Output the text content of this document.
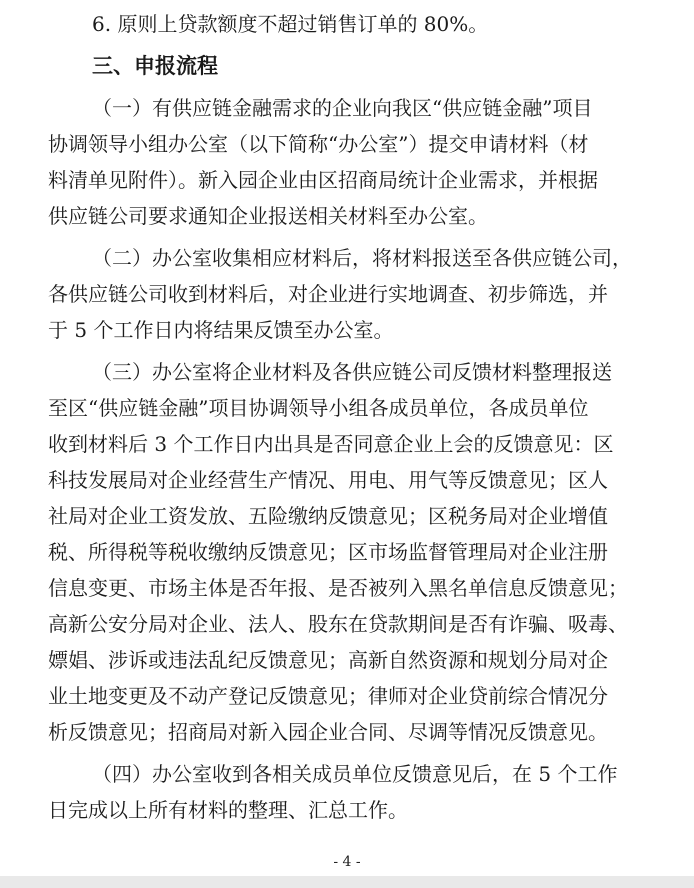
6. 原则上贷款额度不超过销售订单的 80%。
三、申报流程
（一）有供应链金融需求的企业向我区“供应链金融”项目
协调领导小组办公室（以下简称“办公室”）提交申请材料（材
料清单见附件）。新入园企业由区招商局统计企业需求，并根据
供应链公司要求通知企业报送相关材料至办公室。
（二）办公室收集相应材料后，将材料报送至各供应链公司，
各供应链公司收到材料后，对企业进行实地调查、初步筛选，并
于 5 个工作日内将结果反馈至办公室。
（三）办公室将企业材料及各供应链公司反馈材料整理报送
至区“供应链金融”项目协调领导小组各成员单位，各成员单位
收到材料后 3 个工作日内出具是否同意企业上会的反馈意见：区
科技发展局对企业经营生产情况、用电、用气等反馈意见；区人
社局对企业工资发放、五险缴纳反馈意见；区税务局对企业增值
税、所得税等税收缴纳反馈意见；区市场监督管理局对企业注册
信息变更、市场主体是否年报、是否被列入黑名单信息反馈意见；
高新公安分局对企业、法人、股东在贷款期间是否有诈骗、吸毒、
嫖娼、涉诉或违法乱纪反馈意见；高新自然资源和规划分局对企
业土地变更及不动产登记反馈意见；律师对企业贷前综合情况分
析反馈意见；招商局对新入园企业合同、尽调等情况反馈意见。
（四）办公室收到各相关成员单位反馈意见后，在 5 个工作
日完成以上所有材料的整理、汇总工作。
- 4 -
